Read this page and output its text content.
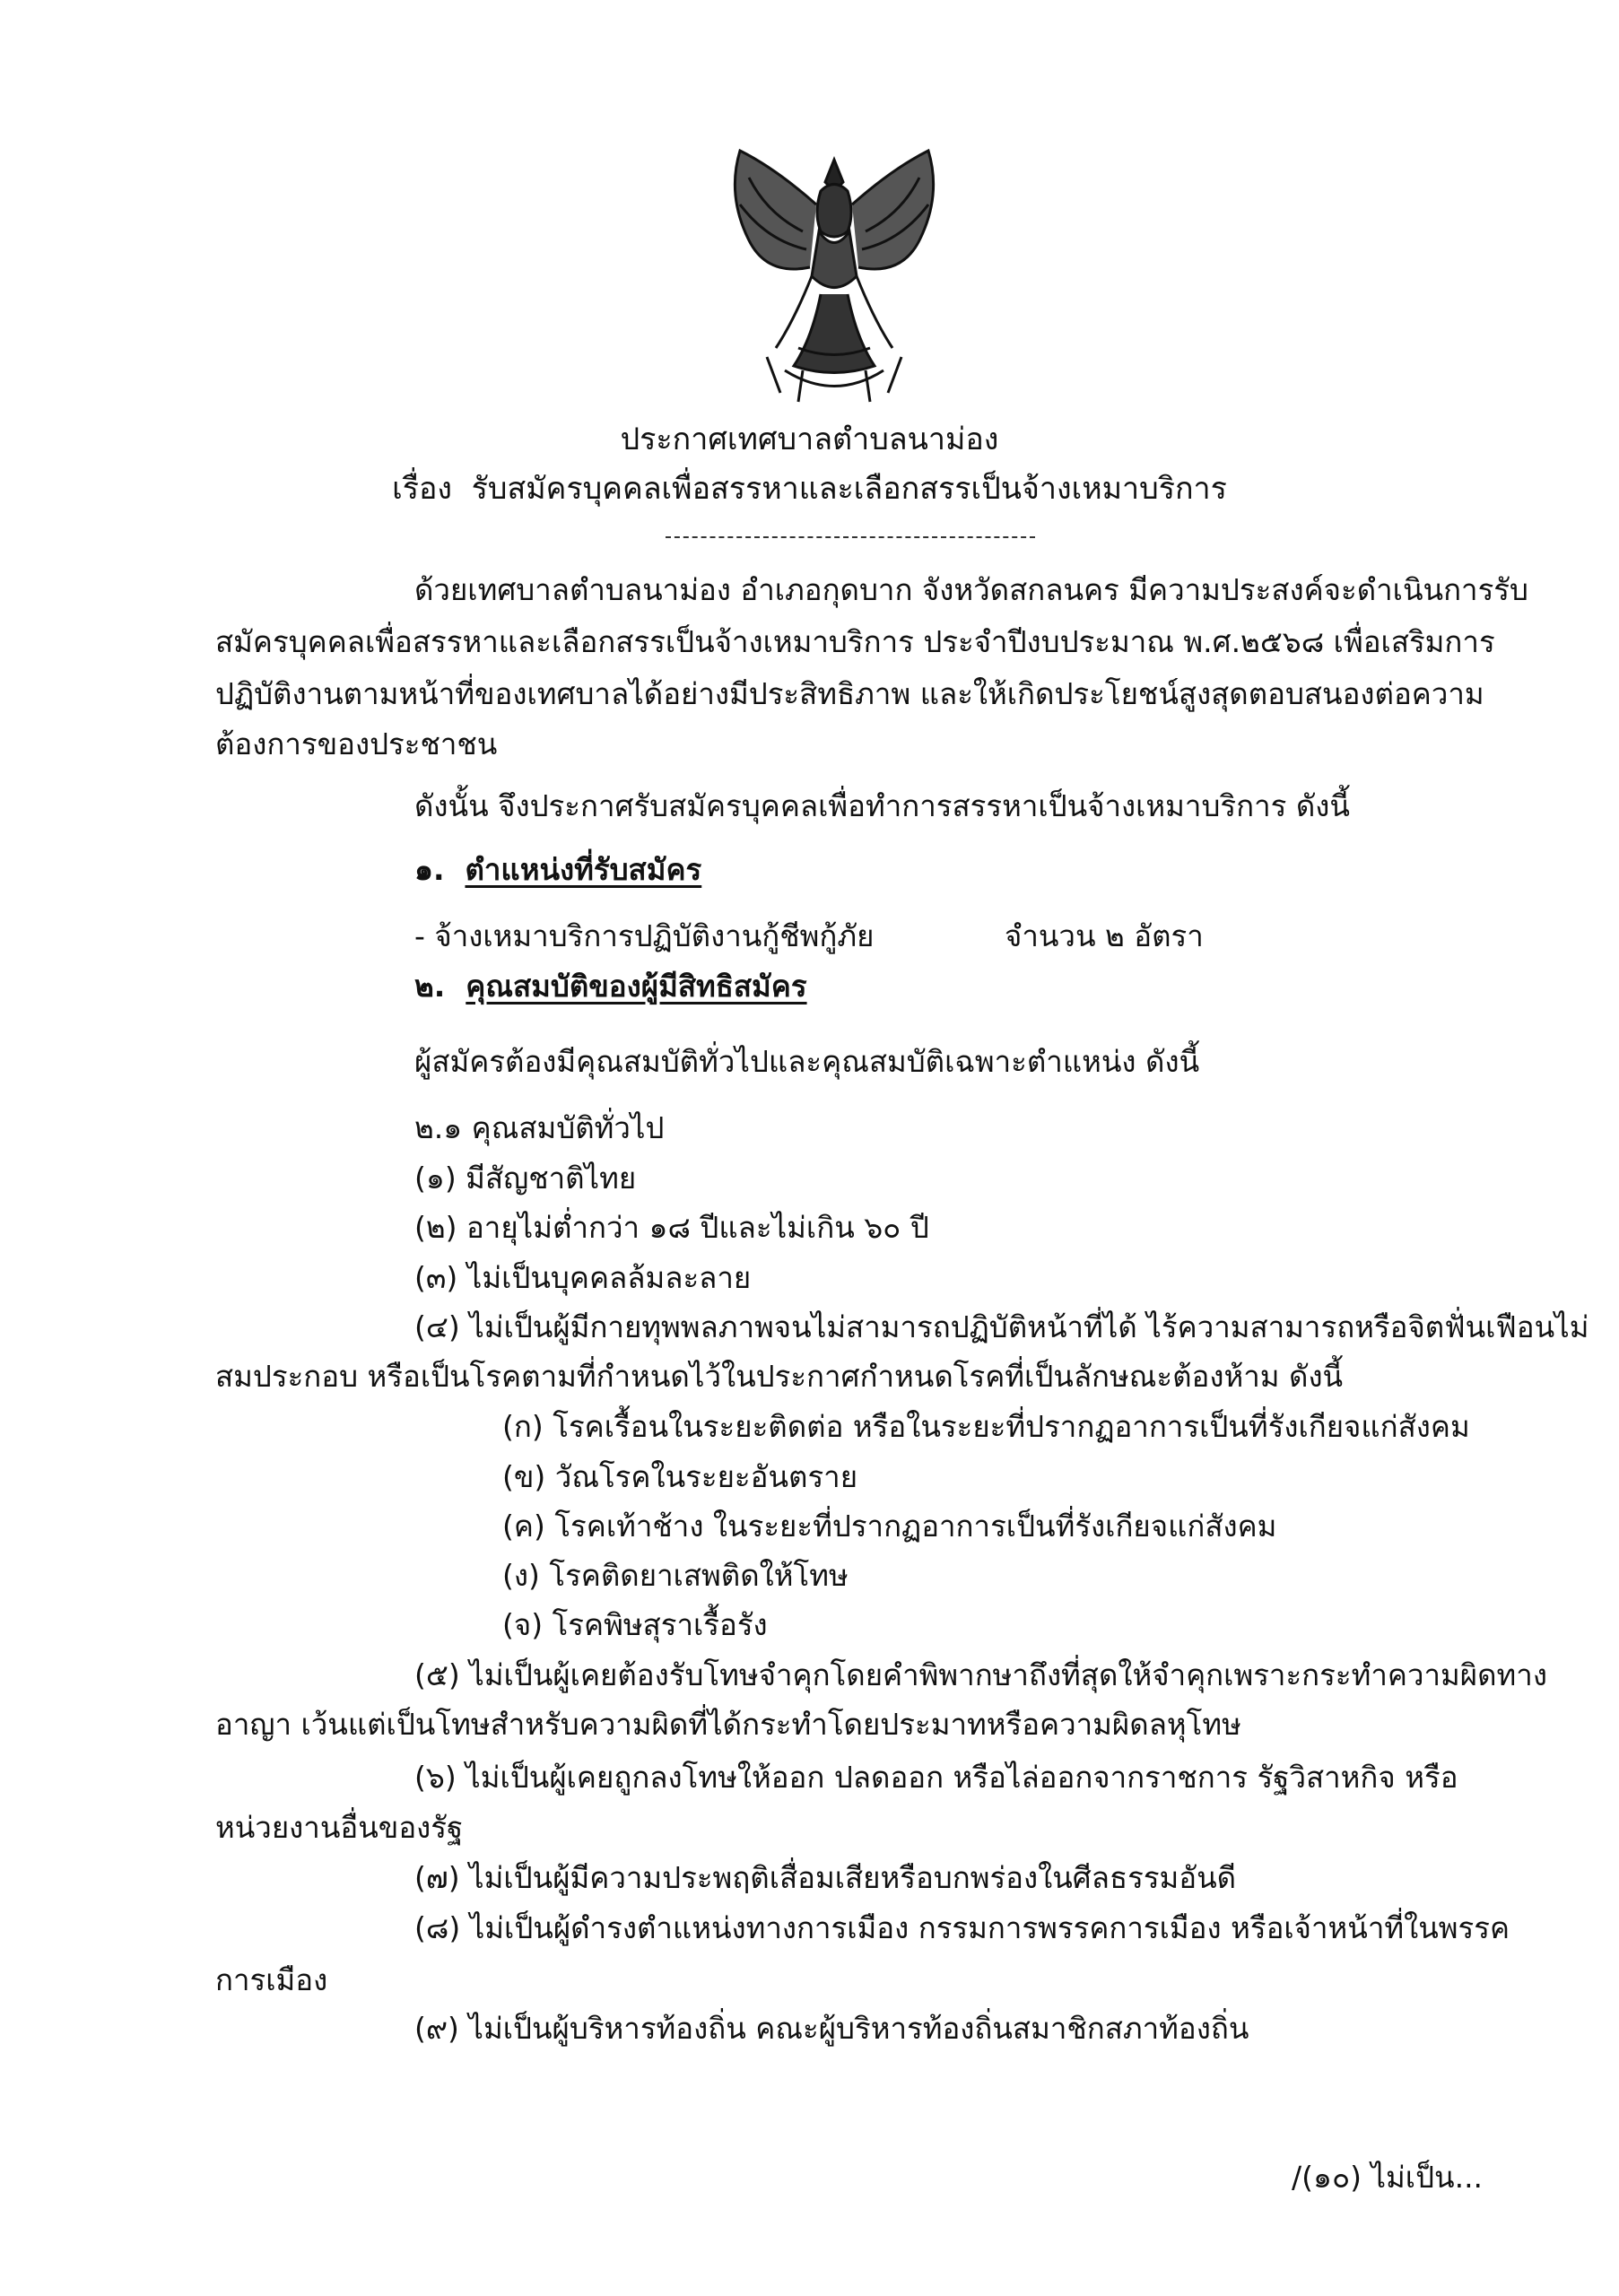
ประกาศเทศบาลตำบลนาม่อง
เรื่อง รับสมัครบุคคลเพื่อสรรหาและเลือกสรรเป็นจ้างเหมาบริการ
ด้วยเทศบาลตำบลนาม่อง อำเภอกุดบาก จังหวัดสกลนคร มีความประสงค์จะดำเนินการรับ
สมัครบุคคลเพื่อสรรหาและเลือกสรรเป็นจ้างเหมาบริการ ประจำปีงบประมาณ พ.ศ.๒๕๖๘ เพื่อเสริมการ
ปฏิบัติงานตามหน้าที่ของเทศบาลได้อย่างมีประสิทธิภาพ และให้เกิดประโยชน์สูงสุดตอบสนองต่อความ
ต้องการของประชาชน
ดังนั้น จึงประกาศรับสมัครบุคคลเพื่อทำการสรรหาเป็นจ้างเหมาบริการ ดังนี้
๑. ตำแหน่งที่รับสมัคร
- จ้างเหมาบริการปฏิบัติงานกู้ชีพกู้ภัย	จำนวน ๒ อัตรา
๒. คุณสมบัติของผู้มีสิทธิสมัคร
ผู้สมัครต้องมีคุณสมบัติทั่วไปและคุณสมบัติเฉพาะตำแหน่ง ดังนี้
๒.๑ คุณสมบัติทั่วไป
(๑) มีสัญชาติไทย
(๒) อายุไม่ต่ำกว่า ๑๘ ปีและไม่เกิน ๖๐ ปี
(๓) ไม่เป็นบุคคลล้มละลาย
(๔) ไม่เป็นผู้มีกายทุพพลภาพจนไม่สามารถปฏิบัติหน้าที่ได้ ไร้ความสามารถหรือจิตฟั่นเฟือนไม่
สมประกอบ หรือเป็นโรคตามที่กำหนดไว้ในประกาศกำหนดโรคที่เป็นลักษณะต้องห้าม ดังนี้
(ก) โรคเรื้อนในระยะติดต่อ หรือในระยะที่ปรากฏอาการเป็นที่รังเกียจแก่สังคม
(ข) วัณโรคในระยะอันตราย
(ค) โรคเท้าช้าง ในระยะที่ปรากฏอาการเป็นที่รังเกียจแก่สังคม
(ง) โรคติดยาเสพติดให้โทษ
(จ) โรคพิษสุราเรื้อรัง
(๕) ไม่เป็นผู้เคยต้องรับโทษจำคุกโดยคำพิพากษาถึงที่สุดให้จำคุกเพราะกระทำความผิดทาง
อาญา เว้นแต่เป็นโทษสำหรับความผิดที่ได้กระทำโดยประมาทหรือความผิดลหุโทษ
(๖) ไม่เป็นผู้เคยถูกลงโทษให้ออก ปลดออก หรือไล่ออกจากราชการ รัฐวิสาหกิจ หรือ
หน่วยงานอื่นของรัฐ
(๗) ไม่เป็นผู้มีความประพฤติเสื่อมเสียหรือบกพร่องในศีลธรรมอันดี
(๘) ไม่เป็นผู้ดำรงตำแหน่งทางการเมือง กรรมการพรรคการเมือง หรือเจ้าหน้าที่ในพรรค
การเมือง
(๙) ไม่เป็นผู้บริหารท้องถิ่น คณะผู้บริหารท้องถิ่นสมาชิกสภาท้องถิ่น
/(๑๐) ไม่เป็น...
